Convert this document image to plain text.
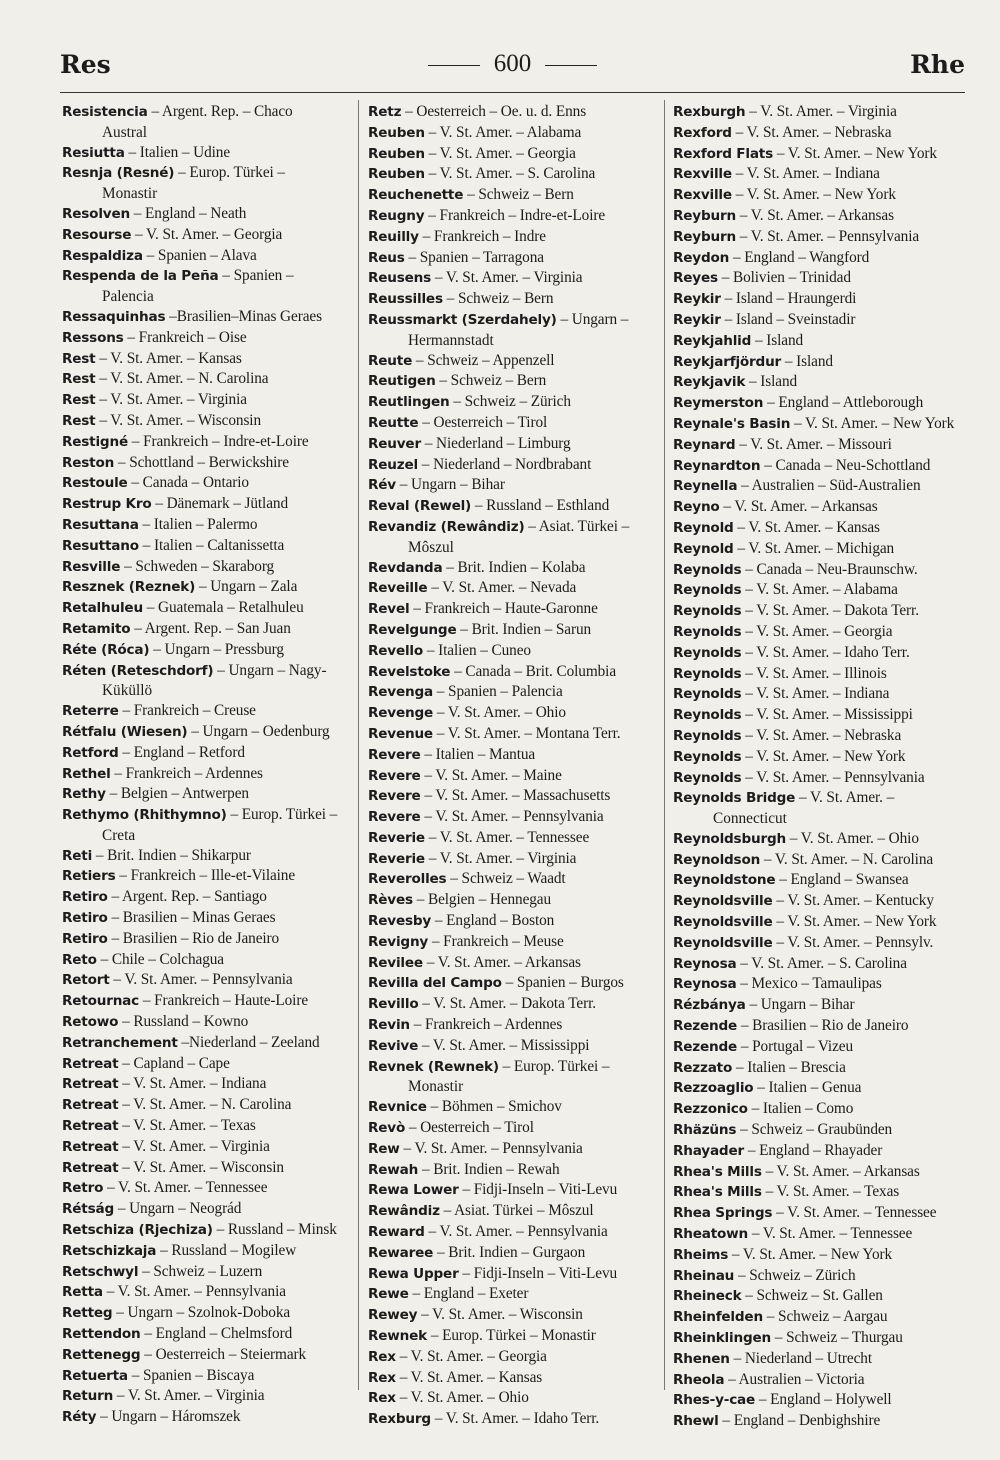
Res	600	Rhe
Resistencia – Argent. Rep. – Chaco
Austral
Resiutta – Italien – Udine
Resnja (Resné) – Europ. Türkei –
Monastir
Resolven – England – Neath
Resourse – V. St. Amer. – Georgia
Respaldiza – Spanien – Alava
Respenda de la Peña – Spanien –
Palencia
Ressaquinhas –Brasilien–Minas Geraes
Ressons – Frankreich – Oise
Rest – V. St. Amer. – Kansas
Rest – V. St. Amer. – N. Carolina
Rest – V. St. Amer. – Virginia
Rest – V. St. Amer. – Wisconsin
Restigné – Frankreich – Indre-et-Loire
Reston – Schottland – Berwickshire
Restoule – Canada – Ontario
Restrup Kro – Dänemark – Jütland
Resuttana – Italien – Palermo
Resuttano – Italien – Caltanissetta
Resville – Schweden – Skaraborg
Resznek (Reznek) – Ungarn – Zala
Retalhuleu – Guatemala – Retalhuleu
Retamito – Argent. Rep. – San Juan
Réte (Róca) – Ungarn – Pressburg
Réten (Reteschdorf) – Ungarn – Nagy-
Küküllö
Reterre – Frankreich – Creuse
Rétfalu (Wiesen) – Ungarn – Oedenburg
Retford – England – Retford
Rethel – Frankreich – Ardennes
Rethy – Belgien – Antwerpen
Rethymo (Rhithymno) – Europ. Türkei –
Creta
Reti – Brit. Indien – Shikarpur
Retiers – Frankreich – Ille-et-Vilaine
Retiro – Argent. Rep. – Santiago
Retiro – Brasilien – Minas Geraes
Retiro – Brasilien – Rio de Janeiro
Reto – Chile – Colchagua
Retort – V. St. Amer. – Pennsylvania
Retournac – Frankreich – Haute-Loire
Retowo – Russland – Kowno
Retranchement –Niederland – Zeeland
Retreat – Capland – Cape
Retreat – V. St. Amer. – Indiana
Retreat – V. St. Amer. – N. Carolina
Retreat – V. St. Amer. – Texas
Retreat – V. St. Amer. – Virginia
Retreat – V. St. Amer. – Wisconsin
Retro – V. St. Amer. – Tennessee
Rétság – Ungarn – Neográd
Retschiza (Rjechiza) – Russland – Minsk
Retschizkaja – Russland – Mogilew
Retschwyl – Schweiz – Luzern
Retta – V. St. Amer. – Pennsylvania
Retteg – Ungarn – Szolnok-Doboka
Rettendon – England – Chelmsford
Rettenegg – Oesterreich – Steiermark
Retuerta – Spanien – Biscaya
Return – V. St. Amer. – Virginia
Réty – Ungarn – Háromszek
Retz – Oesterreich – Oe. u. d. Enns
Reuben – V. St. Amer. – Alabama
Reuben – V. St. Amer. – Georgia
Reuben – V. St. Amer. – S. Carolina
Reuchenette – Schweiz – Bern
Reugny – Frankreich – Indre-et-Loire
Reuilly – Frankreich – Indre
Reus – Spanien – Tarragona
Reusens – V. St. Amer. – Virginia
Reussilles – Schweiz – Bern
Reussmarkt (Szerdahely) – Ungarn –
Hermannstadt
Reute – Schweiz – Appenzell
Reutigen – Schweiz – Bern
Reutlingen – Schweiz – Zürich
Reutte – Oesterreich – Tirol
Reuver – Niederland – Limburg
Reuzel – Niederland – Nordbrabant
Rév – Ungarn – Bihar
Reval (Rewel) – Russland – Esthland
Revandiz (Rewândiz) – Asiat. Türkei –
Môszul
Revdanda – Brit. Indien – Kolaba
Reveille – V. St. Amer. – Nevada
Revel – Frankreich – Haute-Garonne
Revelgunge – Brit. Indien – Sarun
Revello – Italien – Cuneo
Revelstoke – Canada – Brit. Columbia
Revenga – Spanien – Palencia
Revenge – V. St. Amer. – Ohio
Revenue – V. St. Amer. – Montana Terr.
Revere – Italien – Mantua
Revere – V. St. Amer. – Maine
Revere – V. St. Amer. – Massachusetts
Revere – V. St. Amer. – Pennsylvania
Reverie – V. St. Amer. – Tennessee
Reverie – V. St. Amer. – Virginia
Reverolles – Schweiz – Waadt
Rèves – Belgien – Hennegau
Revesby – England – Boston
Revigny – Frankreich – Meuse
Revilee – V. St. Amer. – Arkansas
Revilla del Campo – Spanien – Burgos
Revillo – V. St. Amer. – Dakota Terr.
Revin – Frankreich – Ardennes
Revive – V. St. Amer. – Mississippi
Revnek (Rewnek) – Europ. Türkei –
Monastir
Revnice – Böhmen – Smichov
Revò – Oesterreich – Tirol
Rew – V. St. Amer. – Pennsylvania
Rewah – Brit. Indien – Rewah
Rewa Lower – Fidji-Inseln – Viti-Levu
Rewândiz – Asiat. Türkei – Môszul
Reward – V. St. Amer. – Pennsylvania
Rewaree – Brit. Indien – Gurgaon
Rewa Upper – Fidji-Inseln – Viti-Levu
Rewe – England – Exeter
Rewey – V. St. Amer. – Wisconsin
Rewnek – Europ. Türkei – Monastir
Rex – V. St. Amer. – Georgia
Rex – V. St. Amer. – Kansas
Rex – V. St. Amer. – Ohio
Rexburg – V. St. Amer. – Idaho Terr.
Rexburgh – V. St. Amer. – Virginia
Rexford – V. St. Amer. – Nebraska
Rexford Flats – V. St. Amer. – New York
Rexville – V. St. Amer. – Indiana
Rexville – V. St. Amer. – New York
Reyburn – V. St. Amer. – Arkansas
Reyburn – V. St. Amer. – Pennsylvania
Reydon – England – Wangford
Reyes – Bolivien – Trinidad
Reykir – Island – Hraungerdi
Reykir – Island – Sveinstadir
Reykjahlid – Island
Reykjarfjördur – Island
Reykjavik – Island
Reymerston – England – Attleborough
Reynale's Basin – V. St. Amer. – New York
Reynard – V. St. Amer. – Missouri
Reynardton – Canada – Neu-Schottland
Reynella – Australien – Süd-Australien
Reyno – V. St. Amer. – Arkansas
Reynold – V. St. Amer. – Kansas
Reynold – V. St. Amer. – Michigan
Reynolds – Canada – Neu-Braunschw.
Reynolds – V. St. Amer. – Alabama
Reynolds – V. St. Amer. – Dakota Terr.
Reynolds – V. St. Amer. – Georgia
Reynolds – V. St. Amer. – Idaho Terr.
Reynolds – V. St. Amer. – Illinois
Reynolds – V. St. Amer. – Indiana
Reynolds – V. St. Amer. – Mississippi
Reynolds – V. St. Amer. – Nebraska
Reynolds – V. St. Amer. – New York
Reynolds – V. St. Amer. – Pennsylvania
Reynolds Bridge – V. St. Amer. –
Connecticut
Reynoldsburgh – V. St. Amer. – Ohio
Reynoldson – V. St. Amer. – N. Carolina
Reynoldstone – England – Swansea
Reynoldsville – V. St. Amer. – Kentucky
Reynoldsville – V. St. Amer. – New York
Reynoldsville – V. St. Amer. – Pennsylv.
Reynosa – V. St. Amer. – S. Carolina
Reynosa – Mexico – Tamaulipas
Rézbánya – Ungarn – Bihar
Rezende – Brasilien – Rio de Janeiro
Rezende – Portugal – Vizeu
Rezzato – Italien – Brescia
Rezzoaglio – Italien – Genua
Rezzonico – Italien – Como
Rhäzüns – Schweiz – Graubünden
Rhayader – England – Rhayader
Rhea's Mills – V. St. Amer. – Arkansas
Rhea's Mills – V. St. Amer. – Texas
Rhea Springs – V. St. Amer. – Tennessee
Rheatown – V. St. Amer. – Tennessee
Rheims – V. St. Amer. – New York
Rheinau – Schweiz – Zürich
Rheineck – Schweiz – St. Gallen
Rheinfelden – Schweiz – Aargau
Rheinklingen – Schweiz – Thurgau
Rhenen – Niederland – Utrecht
Rheola – Australien – Victoria
Rhes-y-cae – England – Holywell
Rhewl – England – Denbighshire
